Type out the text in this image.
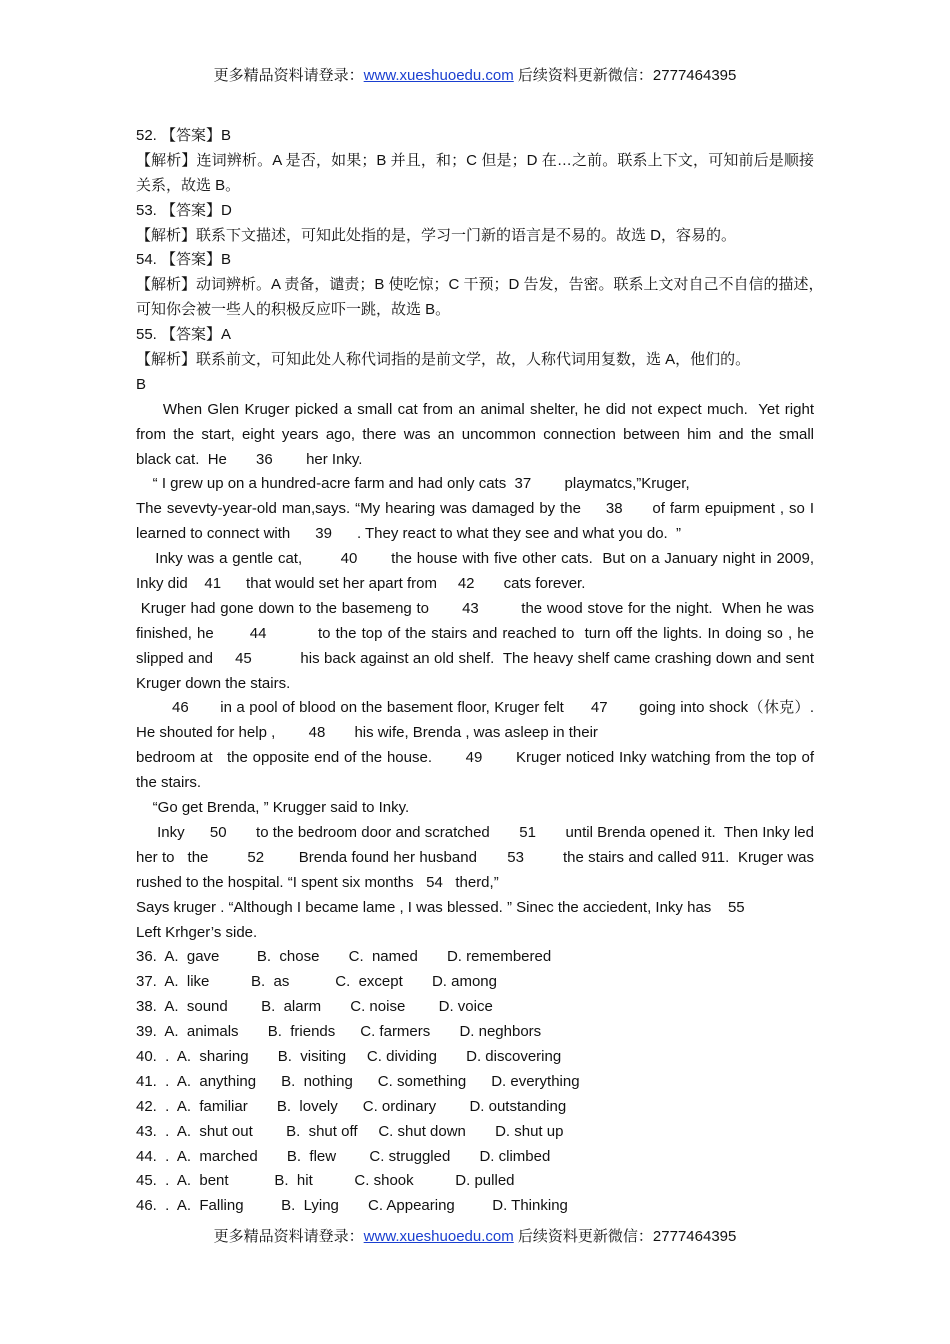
更多精品资料请登录：www.xueshuoedu.com 后续资料更新微信：2777464395
52. 【答案】B
【解析】连词辨析。A 是否，如果；B 并且，和；C 但是；D 在…之前。联系上下文，可知前后是顺接
关系，故选 B。
53. 【答案】D
【解析】联系下文描述，可知此处指的是，学习一门新的语言是不易的。故选 D，容易的。
54. 【答案】B
【解析】动词辨析。A 责备，谴责；B 使吃惊；C 干预；D 告发，告密。联系上文对自己不自信的描述，
可知你会被一些人的积极反应吓一跳，故选 B。
55. 【答案】A
【解析】联系前文，可知此处人称代词指的是前文学，故，人称代词用复数，选 A，他们的。
B
When Glen Kruger picked a small cat from an animal shelter, he did not expect much.  Yet right
from the start, eight years ago, there was an uncommon connection between him and the small
black cat.  He       36        her Inky.
“ I grew up on a hundred-acre farm and had only cats  37        playmatcs,”Kruger,
The sevevty-year-old man,says. “My hearing was damaged by the     38      of farm epuipment , so I
learned to connect with      39      . They react to what they see and what you do.  ”
Inky was a gentle cat,        40       the house with five other cats.  But on a January night in 2009,
Inky did    41      that would set her apart from     42       cats forever.
Kruger had gone down to the basemeng to       43         the wood stove for the night.  When he was
finished, he       44          to the top of the stairs and reached to  turn off the lights. In doing so , he
slipped and     45           his back against an old shelf.  The heavy shelf came crashing down and sent
Kruger down the stairs.
46       in a pool of blood on the basement floor, Kruger felt      47       going into shock（休克）.
He shouted for help ,        48       his wife, Brenda , was asleep in their
bedroom at   the opposite end of the house.       49       Kruger noticed Inky watching from the top of
the stairs.
“Go get Brenda, ” Krugger said to Inky.
Inky      50       to the bedroom door and scratched       51       until Brenda opened it.  Then Inky led
her to   the         52        Brenda found her husband       53         the stairs and called 911.  Kruger was
rushed to the hospital. “I spent six months   54   therd,”
Says kruger . “Although I became lame , I was blessed. ” Sinec the acciedent, Inky has    55
Left Krhger’s side.
36.  A.  gave         B.  chose       C.  named       D. remembered
37.  A.  like          B.  as           C.  except       D. among
38.  A.  sound        B.  alarm       C. noise        D. voice
39.  A.  animals       B.  friends      C. farmers       D. neghbors
40.  .  A.  sharing       B.  visiting     C. dividing       D. discovering
41.  .  A.  anything      B.  nothing      C. something      D. everything
42.  .  A.  familiar       B.  lovely      C. ordinary        D. outstanding
43.  .  A.  shut out        B.  shut off     C. shut down       D. shut up
44.  .  A.  marched       B.  flew        C. struggled       D. climbed
45.  .  A.  bent           B.  hit          C. shook          D. pulled
46.  .  A.  Falling         B.  Lying       C. Appearing         D. Thinking
更多精品资料请登录：www.xueshuoedu.com 后续资料更新微信：2777464395
